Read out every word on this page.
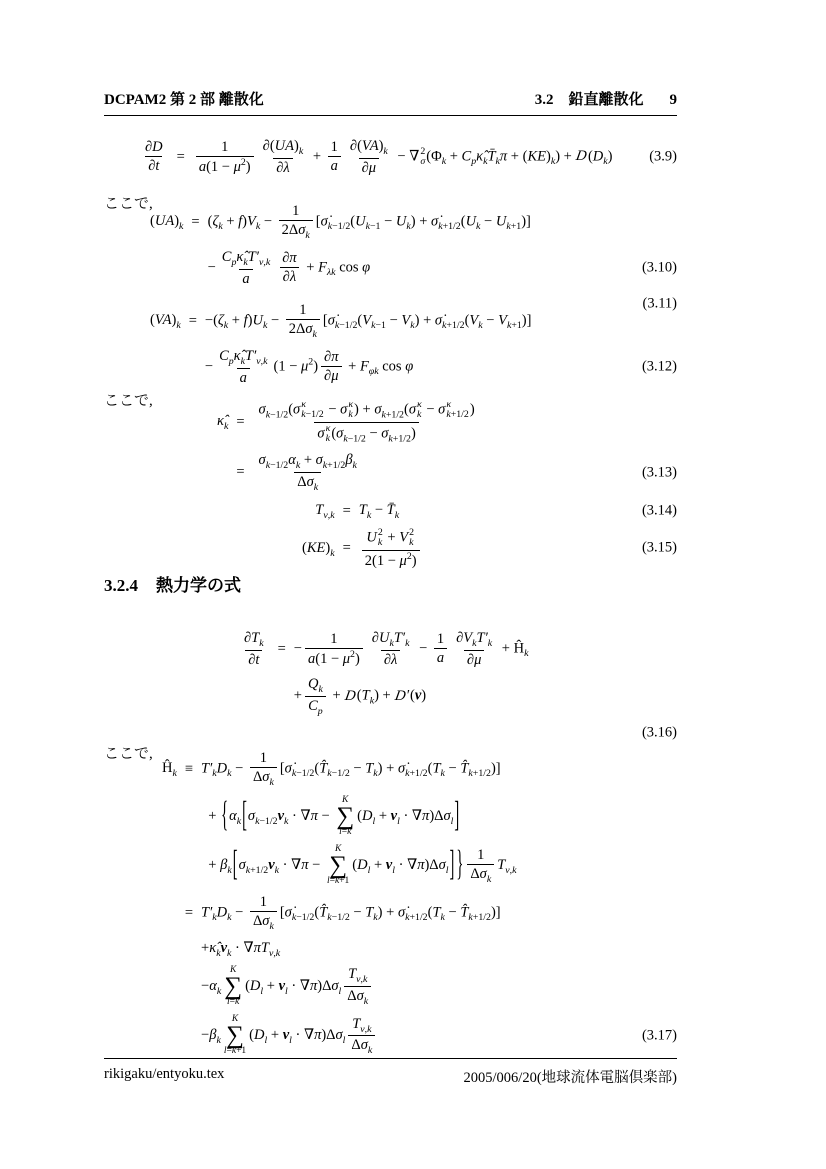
DCPAM2 第 2 部 離散化	3.2　鉛直離散化 9
$\frac{\partial D}{\partial t} = \frac{1}{a(1 - \mu^2)} \frac{\partial(UA)_k}{\partial\lambda} + \frac{1}{a} \frac{\partial(VA)_k}{\partial\mu}$ − ∇ 2
σ ($\Phi_k$ + $C_p\kappâ_kT̄_k\pi + (KE)_k) + D(D_k)$	(3.9)

ここで,

$(UA)_k = (\zeta_k + f)V_k$ −
1
$2\Delta\sigma_k$
[$\sigmȧ_{k-1/2}(U_{k-1} - U_k)$ + $\sigmȧ_{k+1/2}(U_k - U_{k+1})$]
−
$C_p\kappâ_kT'_{v,k}$
a $\frac{\partial\pi}{\partial\lambda} + F_{\lambda k}$ cos φ	(3.10)
(3.11)
$(VA)_k = -(\zeta_k + f)U_k$ −
1
$2\Delta\sigma_k$
[$\sigmȧ_{k-1/2}(V_{k-1} - V_k)$ + $\sigmȧ_{k+1/2}(V_k - V_{k+1})$]
−
$C_p\kappâ_kT'_{v,k}$
a
$(1 - \mu^2) \frac{\partial\pi}{\partial\mu} + F_{\varphi k}$ cos φ	(3.12)

ここで,

$\kappâ_k$ =
$\sigma_{k-1/2}(\sigma$ κ
k−1/2 − σ κ
k ) + $\sigma_{k+1/2}(\sigma$ κ
k − σ κ
k+1/2 )
σ κ
k $(\sigma_{k-1/2} - \sigma_{k+1/2})$
=
$\sigma_{k-1/2}\alpha_k + \sigma_{k+1/2}\beta_k$
$\Delta\sigma_k$
(3.13)
$T_{v,k} = T_k$ − $T̄_k$	(3.14)
$(KE)_k = U$ 2
k + V 2
k
$2(1 - \mu^2)$	(3.15)
3.2.4 熱力学の式
$\frac{\partial T_k}{\partial t}$ = − $\frac{1}{a(1 - \mu^2)} \partial U_kT'_k$
∂λ
− $\frac{1}{a} \partial V_kT'_k$
∂μ
+ $Ĥ_k$
+ $\frac{Q_k}{C_p} + D(T_k) + D'(v)$
(3.16)

ここで,

$Ĥ_k \equiv T'_kD_k$ −
1
$\Delta\sigma_k$
[$\sigmȧ_{k-1/2}(T̂_{k-1/2} - T_k)$ + $\sigmȧ_{k+1/2}(T_k$ − $T̂_{k+1/2}$)]
+ {$\alpha_k[\sigma_{k-1/2}v_k \cdot \nabla\pi$ −
K
∑
l=k
$(D_l + v_l \cdot \nabla\pi)\Delta\sigma_l$]
+ $\beta_k[\sigma_{k+1/2}v_k \cdot \nabla\pi$ −
K
∑
l=k+1
$(D_l + v_l \cdot \nabla\pi)\Delta\sigma_l$] } 1
$\Delta\sigma_k$
$T_{v,k}$
= $T'_kD_k$ −
1
$\Delta\sigma_k$
[$\sigmȧ_{k-1/2}(T̂_{k-1/2} - T_k)$ + $\sigmȧ_{k+1/2}(T_k$ − $T̂_{k+1/2}$)]
$+\kappâ_kv_k \cdot \nabla\pi T_{v,k}$
$-\alpha_k$
K
∑
l=k
$(D_l + v_l \cdot \nabla\pi)\Delta\sigma_l$
$T_{v,k}$
$\Delta\sigma_k$
$-\beta_k$
K
∑
l=k+1
$(D_l + v_l \cdot \nabla\pi)\Delta\sigma_l$
$T_{v,k}$
$\Delta\sigma_k$
(3.17)
rikigaku/entyoku.tex	2005/006/20(地球流体電脳倶楽部)
